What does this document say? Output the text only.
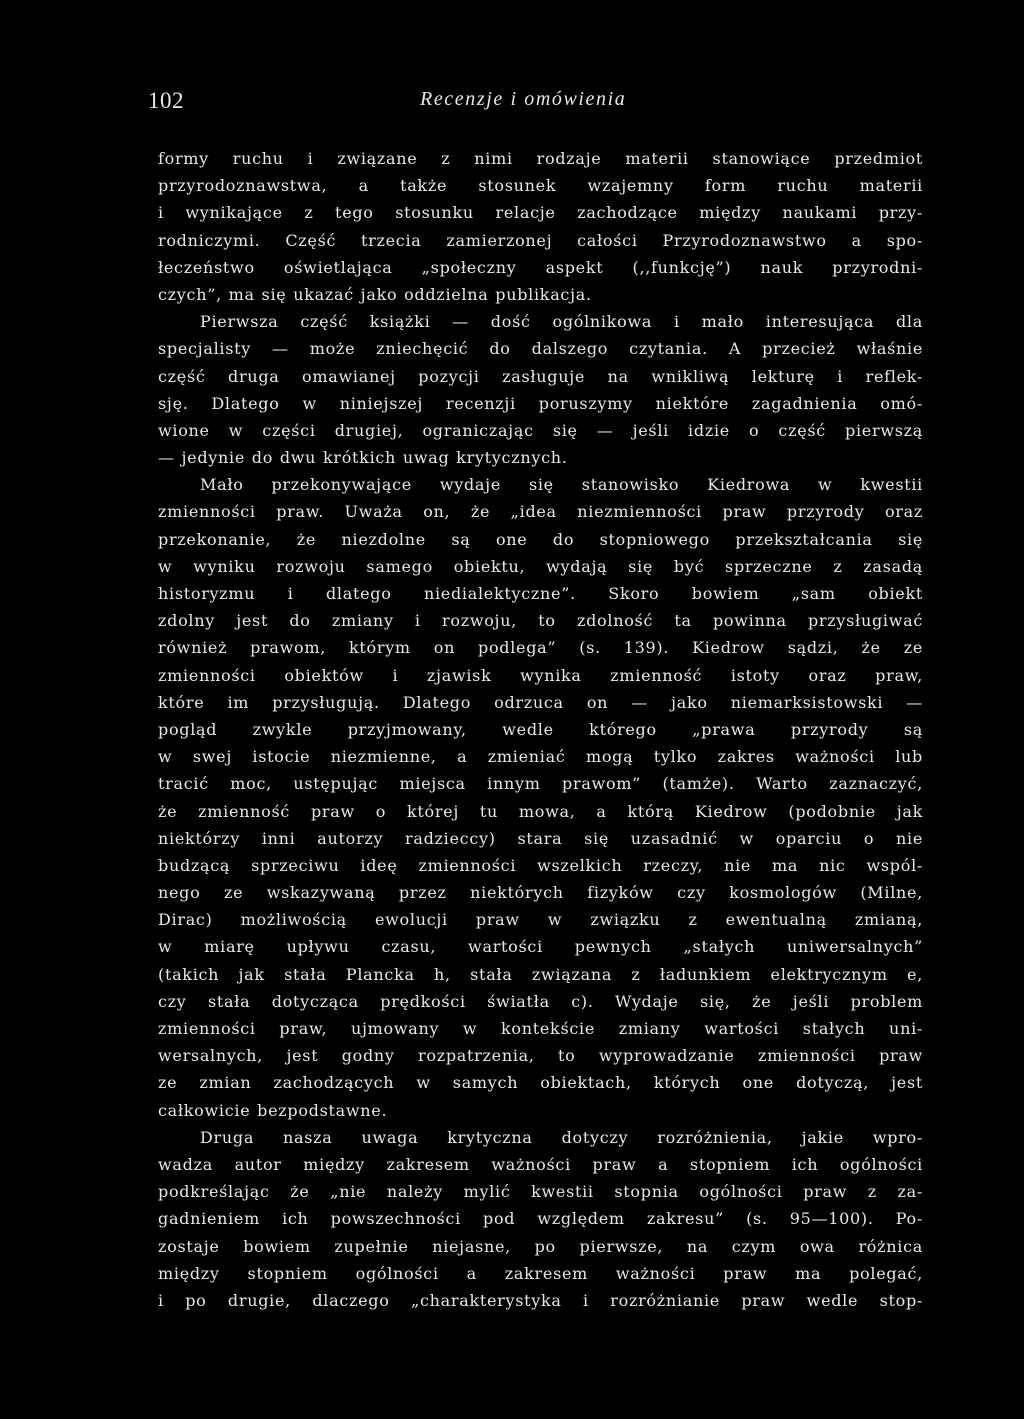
102	Recenzje i omówienia
formy ruchu i związane z nimi rodzaje materii stanowiące przedmiot
przyrodoznawstwa, a także stosunek wzajemny form ruchu materii
i wynikające z tego stosunku relacje zachodzące między naukami przy-
rodniczymi. Część trzecia zamierzonej całości Przyrodoznawstwo a spo-
łeczeństwo oświetlająca „społeczny aspekt (,,funkcję”) nauk przyrodni-
czych”, ma się ukazać jako oddzielna publikacja.
Pierwsza część książki — dość ogólnikowa i mało interesująca dla
specjalisty — może zniechęcić do dalszego czytania. A przecież właśnie
część druga omawianej pozycji zasługuje na wnikliwą lekturę i reflek-
sję. Dlatego w niniejszej recenzji poruszymy niektóre zagadnienia omó-
wione w części drugiej, ograniczając się — jeśli idzie o część pierwszą
— jedynie do dwu krótkich uwag krytycznych.
Mało przekonywające wydaje się stanowisko Kiedrowa w kwestii
zmienności praw. Uważa on, że „idea niezmienności praw przyrody oraz
przekonanie, że niezdolne są one do stopniowego przekształcania się
w wyniku rozwoju samego obiektu, wydają się być sprzeczne z zasadą
historyzmu i dlatego niedialektyczne”. Skoro bowiem „sam obiekt
zdolny jest do zmiany i rozwoju, to zdolność ta powinna przysługiwać
również prawom, którym on podlega” (s. 139). Kiedrow sądzi, że ze
zmienności obiektów i zjawisk wynika zmienność istoty oraz praw,
które im przysługują. Dlatego odrzuca on — jako niemarksistowski —
pogląd zwykle przyjmowany, wedle którego „prawa przyrody są
w swej istocie niezmienne, a zmieniać mogą tylko zakres ważności lub
tracić moc, ustępując miejsca innym prawom” (tamże). Warto zaznaczyć,
że zmienność praw o której tu mowa, a którą Kiedrow (podobnie jak
niektórzy inni autorzy radzieccy) stara się uzasadnić w oparciu o nie
budzącą sprzeciwu ideę zmienności wszelkich rzeczy, nie ma nic wspól-
nego ze wskazywaną przez niektórych fizyków czy kosmologów (Milne,
Dirac) możliwością ewolucji praw w związku z ewentualną zmianą,
w miarę upływu czasu, wartości pewnych „stałych uniwersalnych”
(takich jak stała Plancka h, stała związana z ładunkiem elektrycznym e,
czy stała dotycząca prędkości światła c). Wydaje się, że jeśli problem
zmienności praw, ujmowany w kontekście zmiany wartości stałych uni-
wersalnych, jest godny rozpatrzenia, to wyprowadzanie zmienności praw
ze zmian zachodzących w samych obiektach, których one dotyczą, jest
całkowicie bezpodstawne.
Druga nasza uwaga krytyczna dotyczy rozróżnienia, jakie wpro-
wadza autor między zakresem ważności praw a stopniem ich ogólności
podkreślając że „nie należy mylić kwestii stopnia ogólności praw z za-
gadnieniem ich powszechności pod względem zakresu” (s. 95—100). Po-
zostaje bowiem zupełnie niejasne, po pierwsze, na czym owa różnica
między stopniem ogólności a zakresem ważności praw ma polegać,
i po drugie, dlaczego „charakterystyka i rozróżnianie praw wedle stop-
